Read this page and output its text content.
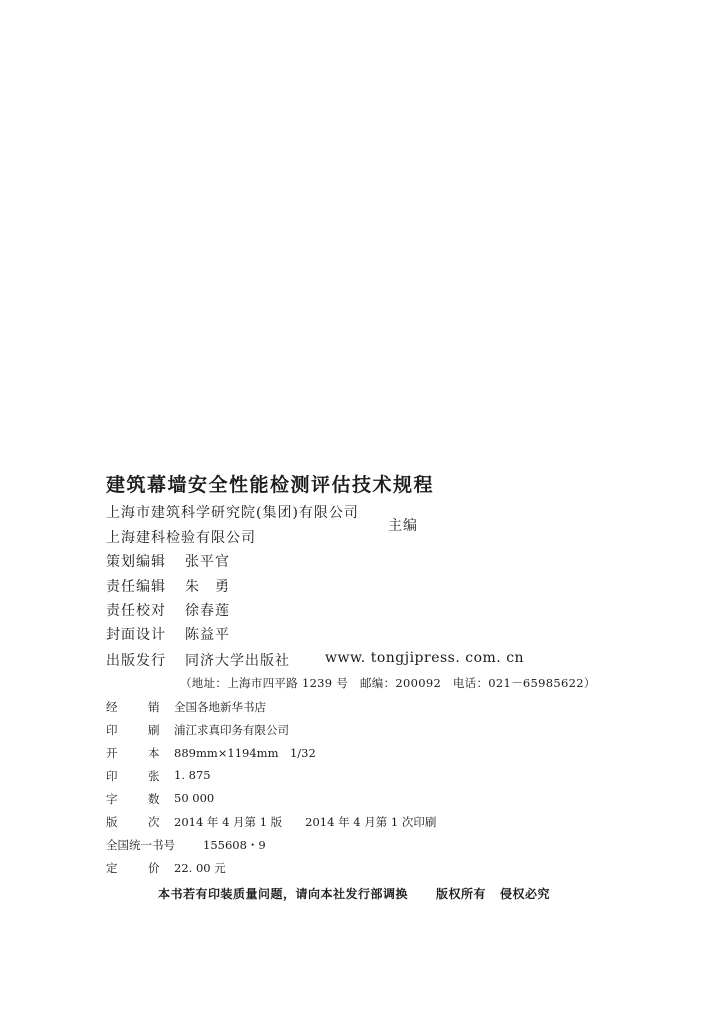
建筑幕墙安全性能检测评估技术规程
上海市建筑科学研究院(集团)有限公司
上海建科检验有限公司
主编
策划编辑 张平官
责任编辑 朱　勇
责任校对 徐春莲
封面设计 陈益平
出版发行 同济大学出版社	www. tongjipress. com. cn
（地址：上海市四平路 1239 号　邮编：200092　电话：021－65985622）
经	销 全国各地新华书店
印	刷 浦江求真印务有限公司
开	本 889mm×1194mm　1/32
印	张 1. 875
字	数 50 000
版	次 2014 年 4 月第 1 版　　2014 年 4 月第 1 次印刷
全国统一书号 155608・9
定	价 22. 00 元
本书若有印装质量问题，请向本社发行部调换 版权所有 侵权必究
